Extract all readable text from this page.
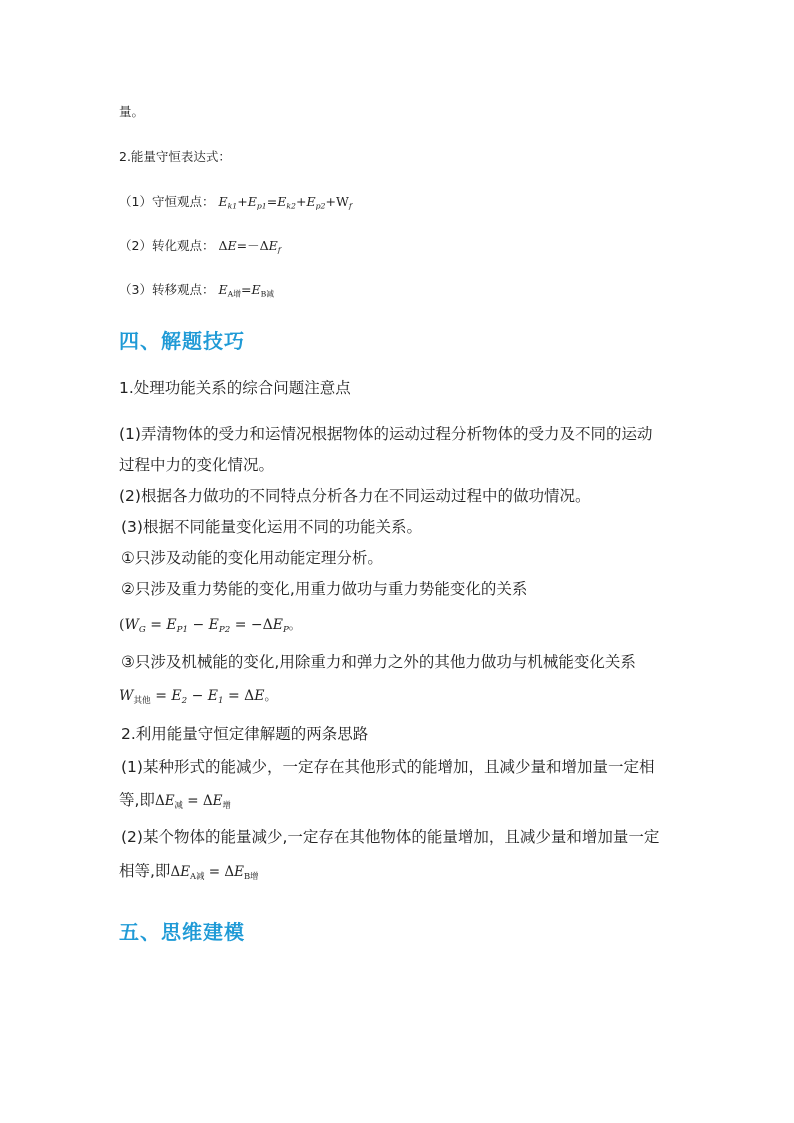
量。
2.能量守恒表达式：
（1）守恒观点： $E_{k1}+E_{p1}=E_{k2}+E_{p2}+W_f$
（2）转化观点： $\Delta E=-\Delta E_f$
（3）转移观点： $E_{A增}=E_{B减}$
四、解题技巧
1.处理功能关系的综合问题注意点
(1)弄清物体的受力和运情况根据物体的运动过程分析物体的受力及不同的运动
过程中力的变化情况。
(2)根据各力做功的不同特点分析各力在不同运动过程中的做功情况。
(3)根据不同能量变化运用不同的功能关系。
①只涉及动能的变化用动能定理分析。
②只涉及重力势能的变化,用重力做功与重力势能变化的关系
($W_G = E_{P1} - E_{P2} = -\Delta E_P$。
③只涉及机械能的变化,用除重力和弹力之外的其他力做功与机械能变化关系
$W_{其他} = E_2 - E_1 = \Delta E$。
2.利用能量守恒定律解题的两条思路
(1)某种形式的能减少，一定存在其他形式的能增加，且减少量和增加量一定相
等,即$\Delta E_减 = \Delta E_增$
(2)某个物体的能量减少,一定存在其他物体的能量增加，且减少量和增加量一定
相等,即$\Delta E_{A减} = \Delta E_{B增}$
五、思维建模
